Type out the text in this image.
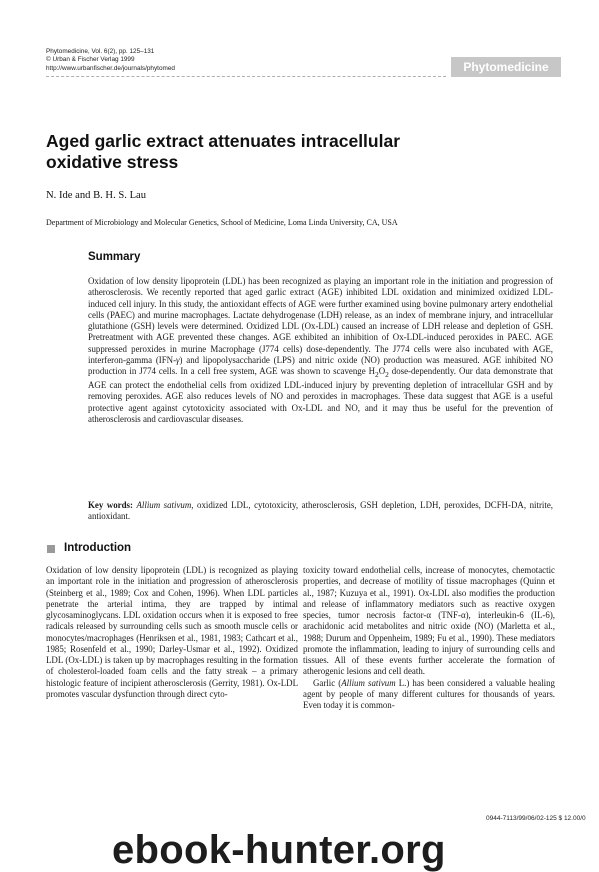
Phytomedicine, Vol. 6(2), pp. 125–131
© Urban & Fischer Verlag 1999
http://www.urbanfischer.de/journals/phytomed	Phytomedicine
Aged garlic extract attenuates intracellular
oxidative stress
N. Ide and B. H. S. Lau
Department of Microbiology and Molecular Genetics, School of Medicine, Loma Linda University, CA, USA
Summary

Oxidation of low density lipoprotein (LDL) has been recognized as playing an important role in the initiation and progression of atherosclerosis. We recently reported that aged garlic extract (AGE) inhibited LDL oxidation and minimized oxidized LDL-induced cell injury. In this study, the antioxidant effects of AGE were further examined using bovine pulmonary artery endothelial cells (PAEC) and murine macrophages. Lactate dehydrogenase (LDH) release, as an index of membrane injury, and intracellular glutathione (GSH) levels were determined. Oxidized LDL (Ox-LDL) caused an increase of LDH release and depletion of GSH. Pretreatment with AGE prevented these changes. AGE exhibited an inhibition of Ox-LDL-induced peroxides in PAEC. AGE suppressed peroxides in murine Macrophage (J774 cells) dose-dependently. The J774 cells were also incubated with AGE, interferon-gamma (IFN-γ) and lipopolysaccharide (LPS) and nitric oxide (NO) production was measured. AGE inhibited NO production in J774 cells. In a cell free system, AGE was shown to scavenge $H_2O_2$ dose-dependently. Our data demonstrate that AGE can protect the endothelial cells from oxidized LDL-induced injury by preventing depletion of intracellular GSH and by removing peroxides. AGE also reduces levels of NO and peroxides in macrophages. These data suggest that AGE is a useful protective agent against cytotoxicity associated with Ox-LDL and NO, and it may thus be useful for the prevention of atherosclerosis and cardiovascular diseases.

Key words: Allium sativum, oxidized LDL, cytotoxicity, atherosclerosis, GSH depletion, LDH, peroxides, DCFH-DA, nitrite, antioxidant.

Introduction

Oxidation of low density lipoprotein (LDL) is recognized as playing an important role in the initiation and progression of atherosclerosis (Steinberg et al., 1989; Cox and Cohen, 1996). When LDL particles penetrate the arterial intima, they are trapped by intimal glycosaminoglycans. LDL oxidation occurs when it is exposed to free radicals released by surrounding cells such as smooth muscle cells or monocytes/macrophages (Henriksen et al., 1981, 1983; Cathcart et al., 1985; Rosenfeld et al., 1990; Darley-Usmar et al., 1992). Oxidized LDL (Ox-LDL) is taken up by macrophages resulting in the formation of cholesterol-loaded foam cells and the fatty streak – a primary histologic feature of incipient atherosclerosis (Gerrity, 1981). Ox-LDL promotes vascular dysfunction through direct cyto-

toxicity toward endothelial cells, increase of monocytes, chemotactic properties, and decrease of motility of tissue macrophages (Quinn et al., 1987; Kuzuya et al., 1991). Ox-LDL also modifies the production and release of inflammatory mediators such as reactive oxygen species, tumor necrosis factor-α (TNF-α), interleukin-6 (IL-6), arachidonic acid metabolites and nitric oxide (NO) (Marletta et al., 1988; Durum and Oppenheim, 1989; Fu et al., 1990). These mediators promote the inflammation, leading to injury of surrounding cells and tissues. All of these events further accelerate the formation of atherogenic lesions and cell death.
Garlic (Allium sativum L.) has been considered a valuable healing agent by people of many different cultures for thousands of years. Even today it is common-
0944-7113/99/06/02-125 $ 12.00/0
ebook-hunter.org
